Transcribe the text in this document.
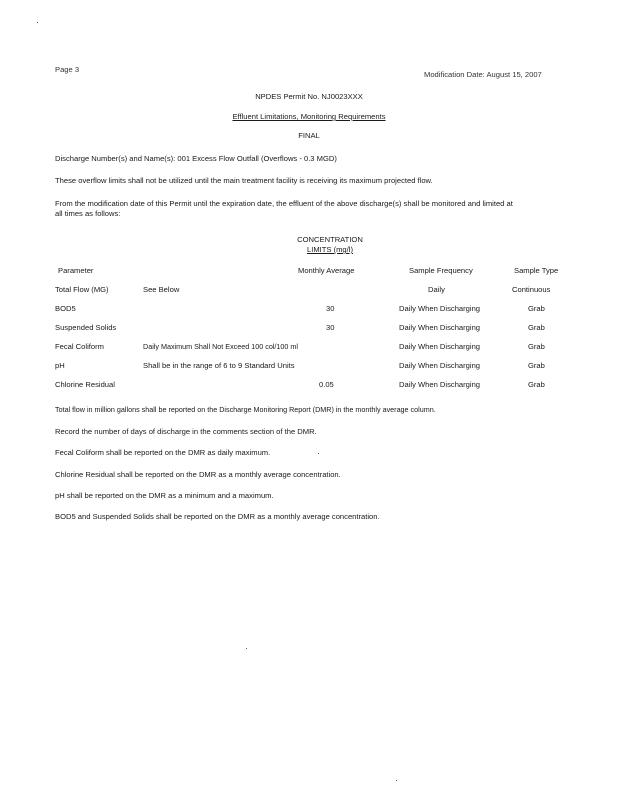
Page 3
Modification Date: August 15, 2007
NPDES Permit No. NJ0023XXX
Effluent Limitations, Monitoring Requirements
FINAL
Discharge Number(s) and Name(s): 001 Excess Flow Outfall (Overflows - 0.3 MGD)
These overflow limits shall not be utilized until the main treatment facility is receiving its maximum projected flow.
From the modification date of this Permit until the expiration date, the effluent of the above discharge(s) shall be monitored and limited at
all times as follows:
CONCENTRATION
LIMITS (mg/l)
Parameter	Monthly Average	Sample Frequency	Sample Type
Total Flow (MG)	See Below	Daily	Continuous
BOD5	30	Daily When Discharging	Grab
Suspended Solids	30	Daily When Discharging	Grab
Fecal Coliform	Daily Maximum Shall Not Exceed 100 col/100 ml	Daily When Discharging	Grab
pH	Shall be in the range of 6 to 9 Standard Units	Daily When Discharging	Grab
Chlorine Residual	0.05	Daily When Discharging	Grab
Total flow in million gallons shall be reported on the Discharge Monitoring Report (DMR) in the monthly average column.
Record the number of days of discharge in the comments section of the DMR.
Fecal Coliform shall be reported on the DMR as daily maximum.
Chlorine Residual shall be reported on the DMR as a monthly average concentration.
pH shall be reported on the DMR as a minimum and a maximum.
BOD5 and Suspended Solids shall be reported on the DMR as a monthly average concentration.
